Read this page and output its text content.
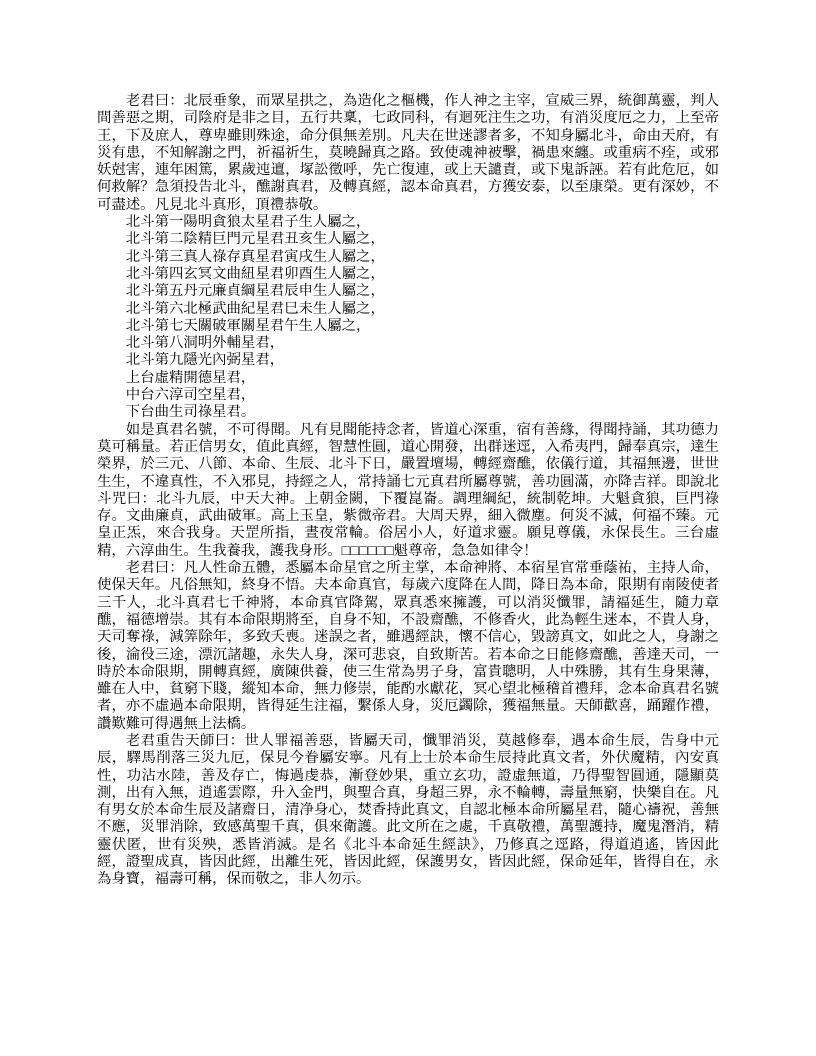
老君曰：北辰垂象，而眾星拱之，為造化之樞機，作人神之主宰，宣威三界，統御萬靈，判人間善惡之期，司陰府是非之目，五行共稟，七政同科，有迴死注生之功，有消災度厄之力，上至帝王，下及庶人，尊卑雖則殊途，命分俱無差別。凡夫在世迷謬者多，不知身屬北斗，命由天府，有災有患，不知解謝之門，祈福祈生，莫曉歸真之路。致使魂神被擊，禍患來纏。或重病不痊，或邪妖尅害，連年困篤，累歲迍邅，塚訟徵呼，先亡復連，或上天譴責，或下鬼訴誣。若有此危厄，如何救解？急須投告北斗，醮謝真君，及轉真經，認本命真君，方獲安泰，以至康榮。更有深妙，不可盡述。凡見北斗真形，頂禮恭敬。

北斗第一陽明貪狼太星君子生人屬之，

北斗第二陰精巨門元星君丑亥生人屬之，

北斗第三真人祿存真星君寅戌生人屬之，

北斗第四玄冥文曲紐星君卯酉生人屬之，

北斗第五丹元廉貞綱星君辰申生人屬之，

北斗第六北極武曲紀星君巳未生人屬之，

北斗第七天關破軍關星君午生人屬之，

北斗第八洞明外輔星君，

北斗第九隱光內弼星君，

上台虛精開德星君，

中台六淳司空星君，

下台曲生司祿星君。

如是真君名號，不可得聞。凡有見聞能持念者，皆道心深重，宿有善緣，得聞持誦，其功德力莫可稱量。若正信男女，值此真經，智慧性圓，道心開發，出群迷逕，入希夷門，歸奉真宗，達生榮界，於三元、八節、本命、生辰、北斗下日，嚴置壇場，轉經齋醮，依儀行道，其福無邊，世世生生，不違真性，不入邪見，持經之人，常持誦七元真君所屬尊號，善功圓滿，亦降吉祥。即說北斗咒曰：北斗九辰，中天大神。上朝金闕，下覆崑崙。調理綱紀，統制乾坤。大魁貪狼，巨門祿存。文曲廉貞，武曲破軍。高上玉皇，紫微帝君。大周天界，細入微塵。何災不滅，何福不臻。元皇正炁，來合我身。天罡所指，晝夜常輪。俗居小人，好道求靈。願見尊儀，永保長生。三台虛精，六淳曲生。生我養我，護我身形。□□□□□□魁尊帝，急急如律令！

老君曰：凡人性命五體，悉屬本命星官之所主掌，本命神將、本宿星官常垂蔭祐，主持人命，使保天年。凡俗無知，終身不悟。夫本命真官，每歲六度降在人間，降日為本命，限期有南陵使者三千人，北斗真君七千神將，本命真官降駕，眾真悉來擁護，可以消災懺罪，請福延生，隨力章醮，福德增崇。其有本命限期將至，自身不知，不設齋醮，不修香火，此為輕生迷本，不貴人身，天司奪祿，減筭除年，多致夭喪。迷誤之者，雖遇經訣，懷不信心，毀謗真文，如此之人，身謝之後，淪役三途，漂沉諸趣，永失人身，深可悲哀，自致斯苦。若本命之日能修齋醮，善達天司，一時於本命限期，開轉真經，廣陳供養，使三生常為男子身，富貴聰明，人中殊勝，其有生身果薄，雖在人中，貧窮下賤，縱知本命，無力修崇，能酌水獻花，冥心望北極稽首禮拜，念本命真君名號者，亦不虛過本命限期，皆得延生注福，繫係人身，災厄蠲除，獲福無量。天師歡喜，踊躍作禮，讚歎難可得遇無上法橋。

老君重告天師曰：世人罪福善惡，皆屬天司，懺罪消災，莫越修奉，遇本命生辰，告身中元辰，驛馬削落三災九厄，保見今眷屬安寧。凡有上士於本命生辰持此真文者，外伏魔精，內安真性，功沾水陸，善及存亡，悔過虔恭，漸登妙果，重立玄功，證虛無道，乃得聖智圓通，隱顯莫測，出有入無，逍遙雲際，升入金門，與聖合真，身超三界，永不輪轉，壽量無窮，快樂自在。凡有男女於本命生辰及諸齋日，清净身心，焚香持此真文，自認北極本命所屬星君，隨心禱祝，善無不應，災罪消除，致感萬聖千真，俱來衛護。此文所在之處，千真敬禮，萬聖護持，魔鬼潛消，精靈伏匿，世有災殃，悉皆消滅。是名《北斗本命延生經訣》，乃修真之逕路，得道逍遙，皆因此經，證聖成真，皆因此經，出離生死，皆因此經，保護男女，皆因此經，保命延年，皆得自在，永為身寶，福壽可稱，保而敬之，非人勿示。
